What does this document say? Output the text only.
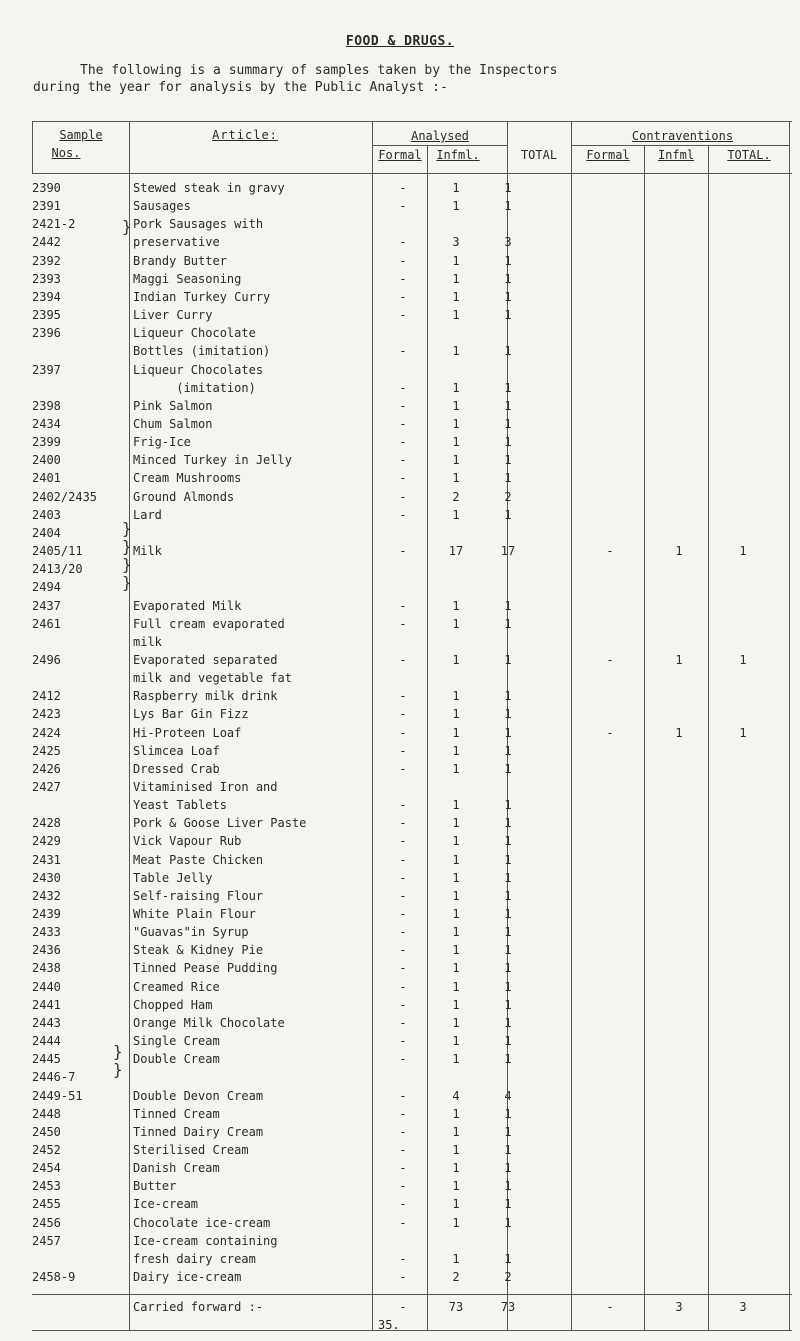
FOOD & DRUGS.
The following is a summary of samples taken by the Inspectors
during the year for analysis by the Public Analyst :-
Sample
Nos.
Article:	Analysed
Formal	Infml.	TOTAL
Contraventions
Formal	Infml	TOTAL.
}
}
}
}
}
}
}
2390	Stewed steak in gravy	-	1	1
2391	Sausages	-	1	1
2421-2	Pork Sausages with
2442	preservative	-	3	3
2392	Brandy Butter	-	1	1
2393	Maggi Seasoning	-	1	1
2394	Indian Turkey Curry	-	1	1
2395	Liver Curry	-	1	1
2396	Liqueur Chocolate
Bottles (imitation)	-	1	1
2397	Liqueur Chocolates
(imitation)	-	1	1
2398	Pink Salmon	-	1	1
2434	Chum Salmon	-	1	1
2399	Frig-Ice	-	1	1
2400	Minced Turkey in Jelly	-	1	1
2401	Cream Mushrooms	-	1	1
2402/2435	Ground Almonds	-	2	2
2403	Lard	-	1	1
2404
2405/11	Milk	-	17	17	-	1	1
2413/20
2494
2437	Evaporated Milk	-	1	1
2461	Full cream evaporated	-	1	1
milk
2496	Evaporated separated	-	1	1	-	1	1
milk and vegetable fat
2412	Raspberry milk drink	-	1	1
2423	Lys Bar Gin Fizz	-	1	1
2424	Hi-Proteen Loaf	-	1	1	-	1	1
2425	Slimcea Loaf	-	1	1
2426	Dressed Crab	-	1	1
2427	Vitaminised Iron and
Yeast Tablets	-	1	1
2428	Pork & Goose Liver Paste	-	1	1
2429	Vick Vapour Rub	-	1	1
2431	Meat Paste Chicken	-	1	1
2430	Table Jelly	-	1	1
2432	Self-raising Flour	-	1	1
2439	White Plain Flour	-	1	1
2433	"Guavas"in Syrup	-	1	1
2436	Steak & Kidney Pie	-	1	1
2438	Tinned Pease Pudding	-	1	1
2440	Creamed Rice	-	1	1
2441	Chopped Ham	-	1	1
2443	Orange Milk Chocolate	-	1	1
2444	Single Cream	-	1	1
2445	Double Cream	-	1	1
2446-7
2449-51	Double Devon Cream	-	4	4
2448	Tinned Cream	-	1	1
2450	Tinned Dairy Cream	-	1	1
2452	Sterilised Cream	-	1	1
2454	Danish Cream	-	1	1
2453	Butter	-	1	1
2455	Ice-cream	-	1	1
2456	Chocolate ice-cream	-	1	1
2457	Ice-cream containing
fresh dairy cream	-	1	1
2458-9	Dairy ice-cream	-	2	2
Carried forward :-	-	73	73	-	3	3
35.
